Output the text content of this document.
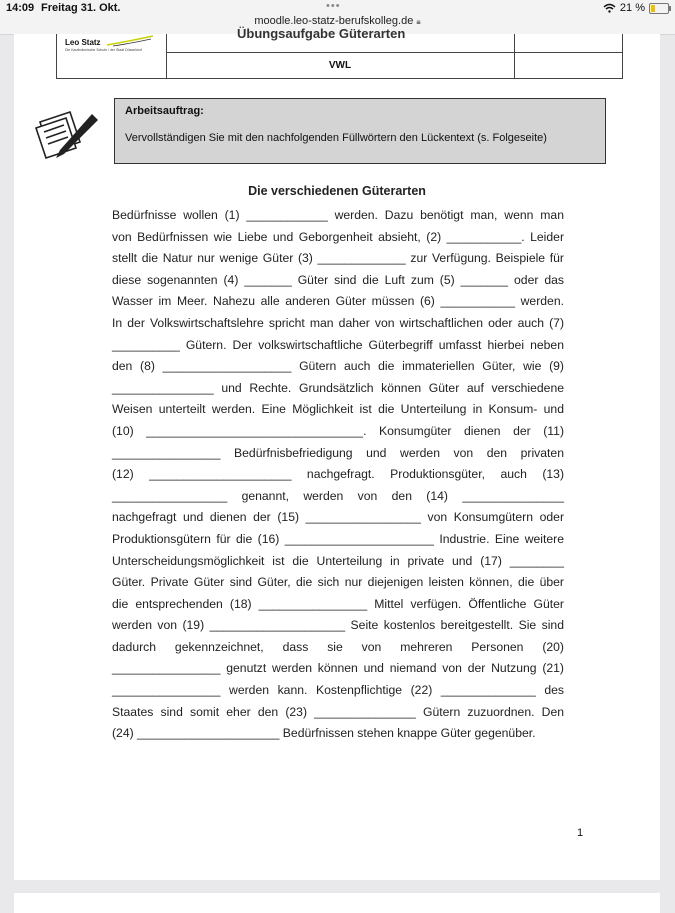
14:09 Freitag 31. Okt.	•••
moodle.leo-statz-berufskolleg.de 🔒︎
21 %
Leo Statz
Die Kaufmännische Schule / der Stadt Düsseldorf
Übungsaufgabe Güterarten
VWL
Arbeitsauftrag:
Vervollständigen Sie mit den nachfolgenden Füllwörtern den Lückentext (s. Folgeseite)
Die verschiedenen Güterarten
Bedürfnisse wollen (1) ____________ werden. Dazu benötigt man, wenn man
von Bedürfnissen wie Liebe und Geborgenheit absieht, (2) ___________. Leider
stellt die Natur nur wenige Güter (3) _____________ zur Verfügung. Beispiele für
diese sogenannten (4) _______ Güter sind die Luft zum (5) _______ oder das
Wasser im Meer. Nahezu alle anderen Güter müssen (6) ___________ werden.
In der Volkswirtschaftslehre spricht man daher von wirtschaftlichen oder auch (7)
__________ Gütern. Der volkswirtschaftliche Güterbegriff umfasst hierbei neben
den (8) ___________________ Gütern auch die immateriellen Güter, wie (9)
_______________ und Rechte. Grundsätzlich können Güter auf verschiedene
Weisen unterteilt werden. Eine Möglichkeit ist die Unterteilung in Konsum- und
(10) ________________________________. Konsumgüter dienen der (11)
________________ Bedürfnisbefriedigung und werden von den privaten
(12) _____________________ nachgefragt. Produktionsgüter, auch (13)
_________________ genannt, werden von den (14) _______________
nachgefragt und dienen der (15) _________________ von Konsumgütern oder
Produktionsgütern für die (16) ______________________ Industrie. Eine weitere
Unterscheidungsmöglichkeit ist die Unterteilung in private und (17) ________
Güter. Private Güter sind Güter, die sich nur diejenigen leisten können, die über
die entsprechenden (18) ________________ Mittel verfügen. Öffentliche Güter
werden von (19) ____________________ Seite kostenlos bereitgestellt. Sie sind
dadurch gekennzeichnet, dass sie von mehreren Personen (20)
________________ genutzt werden können und niemand von der Nutzung (21)
________________ werden kann. Kostenpflichtige (22) ______________ des
Staates sind somit eher den (23) _______________ Gütern zuzuordnen. Den
(24) _____________________ Bedürfnissen stehen knappe Güter gegenüber.
1
